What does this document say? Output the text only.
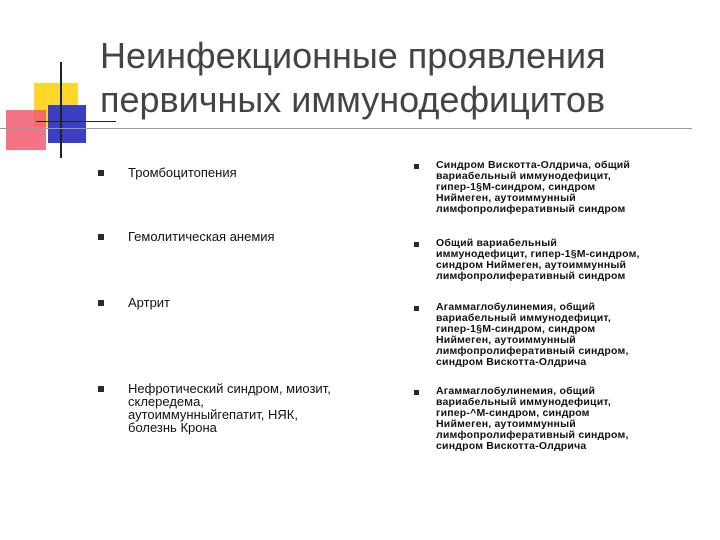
Неинфекционные проявления
первичных иммунодефицитов
Тромбоцитопения
Гемолитическая анемия
Артрит
Нефротический синдром, миозит,
склередема,
аутоиммунныйгепатит, НЯК,
болезнь Крона
Синдром Вискотта-Олдрича, общий
вариабельный иммунодефицит,
гипер-1§М-синдром, синдром
Ниймеген, аутоиммунный
лимфопролиферативный синдром
Общий вариабельный
иммунодефицит, гипер-1§М-синдром,
синдром Ниймеген, аутоиммунный
лимфопролиферативный синдром
Агаммаглобулинемия, общий
вариабельный иммунодефицит,
гипер-1§М-синдром, синдром
Ниймеген, аутоиммунный
лимфопролиферативный синдром,
синдром Вискотта-Олдрича
Агаммаглобулинемия, общий
вариабельный иммунодефицит,
гипер-^М-синдром, синдром
Ниймеген, аутоиммунный
лимфопролиферативный синдром,
синдром Вискотта-Олдрича
